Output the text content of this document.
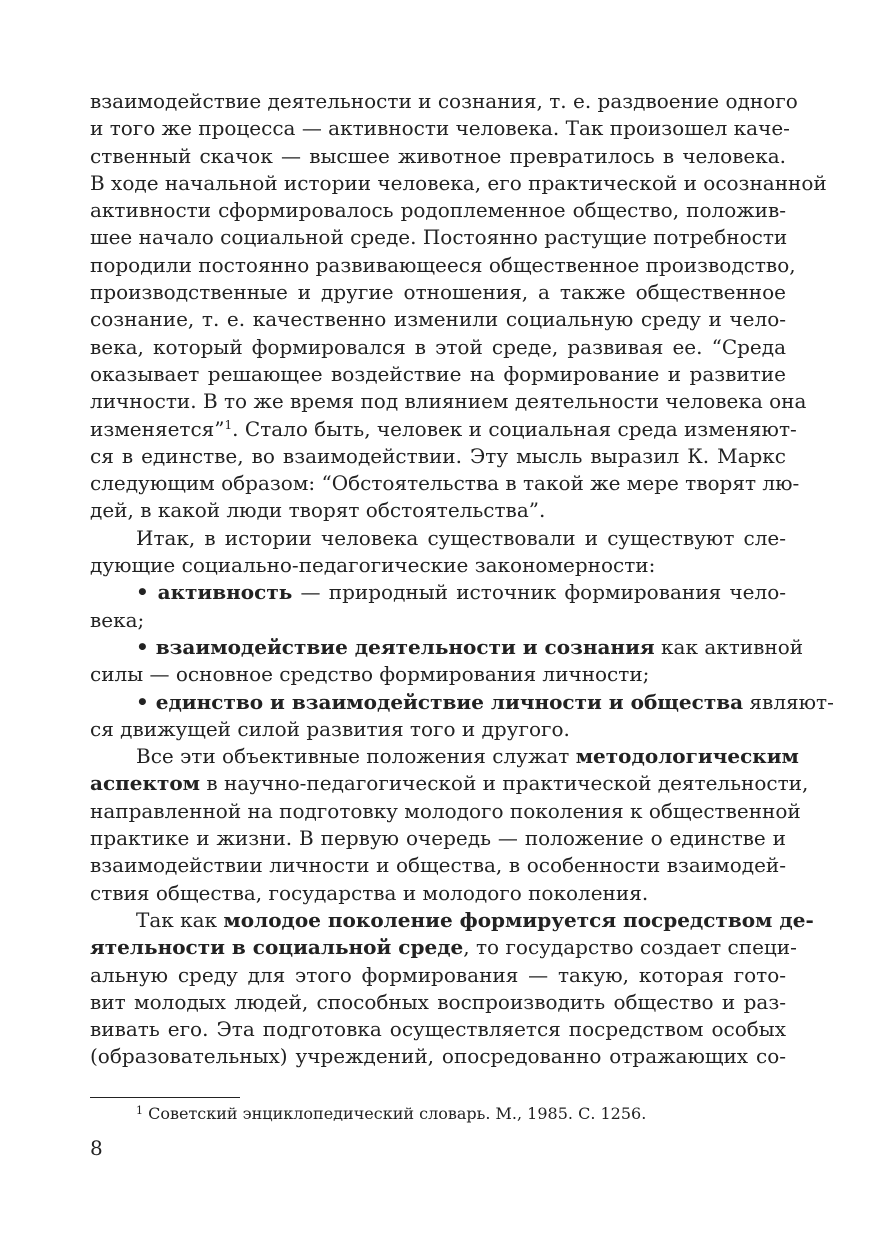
взаимодействие деятельности и сознания, т. е. раздвоение одного
и того же процесса — активности человека. Так произошел каче-
ственный скачок — высшее животное превратилось в человека.
В ходе начальной истории человека, его практической и осознанной
активности сформировалось родоплеменное общество, положив-
шее начало социальной среде. Постоянно растущие потребности
породили постоянно развивающееся общественное производство,
производственные и другие отношения, а также общественное
сознание, т. е. качественно изменили социальную среду и чело-
века, который формировался в этой среде, развивая ее. “Среда
оказывает решающее воздействие на формирование и развитие
личности. В то же время под влиянием деятельности человека она
изменяется”$^1$. Стало быть, человек и социальная среда изменяют-
ся в единстве, во взаимодействии. Эту мысль выразил К. Маркс
следующим образом: “Обстоятельства в такой же мере творят лю-
дей, в какой люди творят обстоятельства”.
Итак, в истории человека существовали и существуют сле-
дующие социально-педагогические закономерности:
• активность — природный источник формирования чело-
века;
• взаимодействие деятельности и сознания как активной
силы — основное средство формирования личности;
• единство и взаимодействие личности и общества являют-
ся движущей силой развития того и другого.
Все эти объективные положения служат методологическим
аспектом в научно-педагогической и практической деятельности,
направленной на подготовку молодого поколения к общественной
практике и жизни. В первую очередь — положение о единстве и
взаимодействии личности и общества, в особенности взаимодей-
ствия общества, государства и молодого поколения.
Так как молодое поколение формируется посредством де-
ятельности в социальной среде, то государство создает специ-
альную среду для этого формирования — такую, которая гото-
вит молодых людей, способных воспроизводить общество и раз-
вивать его. Эта подготовка осуществляется посредством особых
(образовательных) учреждений, опосредованно отражающих со-
$^1$ Советский энциклопедический словарь. М., 1985. С. 1256.
8
